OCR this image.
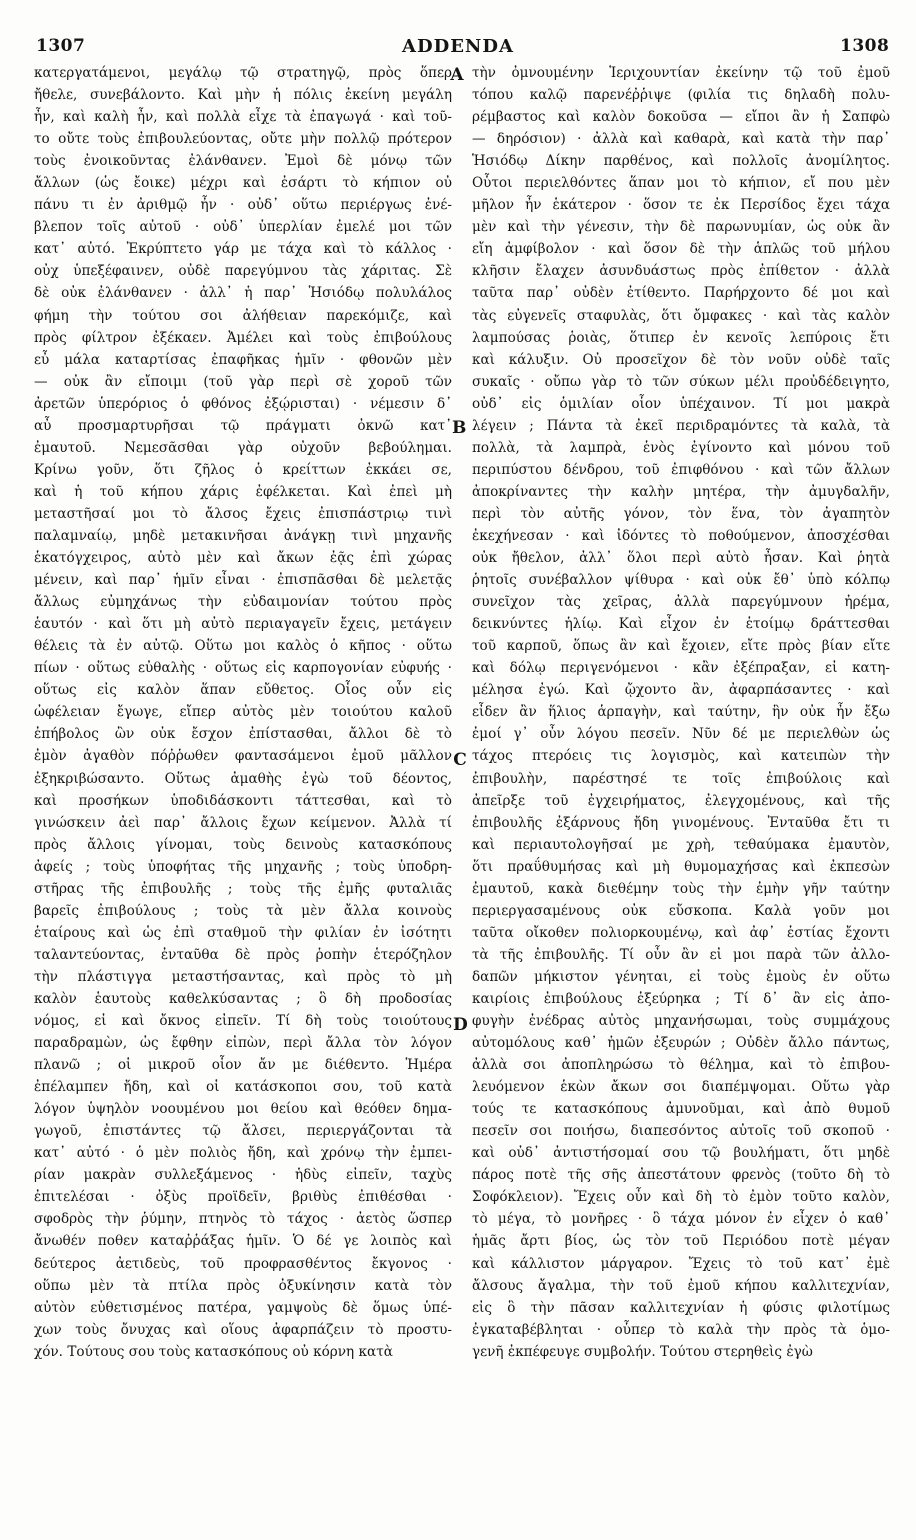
1307	ADDENDA	1308
κατεργατάμενοι, μεγάλῳ τῷ στρατηγῷ, πρὸς ὅπερ
ἤθελε, συνεβάλοντο. Καὶ μὴν ἡ πόλις ἐκείνη μεγάλη
ἦν, καὶ καλὴ ἦν, καὶ πολλὰ εἶχε τὰ ἐπαγωγά · καὶ τοῦ-
το οὔτε τοὺς ἐπιβουλεύοντας, οὔτε μὴν πολλῷ πρότερον
τοὺς ἐνοικοῦντας ἐλάνθανεν. Ἐμοὶ δὲ μόνῳ τῶν
ἄλλων (ὡς ἔοικε) μέχρι καὶ ἐσάρτι τὸ κήπιον οὐ
πάνυ τι ἐν ἀριθμῷ ἦν · οὐδ᾿ οὕτω περιέργως ἐνέ-
βλεπον τοῖς αὐτοῦ · οὐδ᾿ ὑπερλίαν ἐμελέ μοι τῶν
κατ᾿ αὐτό. Ἐκρύπτετο γάρ με τάχα καὶ τὸ κάλλος ·
οὐχ ὑπεξέφαινεν, οὐδὲ παρεγύμνου τὰς χάριτας. Σὲ
δὲ οὐκ ἐλάνθανεν · ἀλλ᾿ ἡ παρ᾿ Ἡσιόδῳ πολυλάλος
φήμη τὴν τούτου σοι ἀλήθειαν παρεκόμιζε, καὶ
πρὸς φίλτρον ἐξέκαεν. Ἀμέλει καὶ τοὺς ἐπιβούλους
εὖ μάλα καταρτίσας ἐπαφῆκας ἡμῖν · φθονῶν μὲν
— οὐκ ἂν εἴποιμι (τοῦ γὰρ περὶ σὲ χοροῦ τῶν
ἀρετῶν ὑπερόριος ὁ φθόνος ἐξῴρισται) · νέμεσιν δ᾿
αὖ προσμαρτυρῆσαι τῷ πράγματι ὀκνῶ κατ᾿
ἐμαυτοῦ. Νεμεσᾶσθαι γὰρ οὐχοῦν βεβούλημαι.
Κρίνω γοῦν, ὅτι ζῆλος ὁ κρείττων ἐκκάει σε,
καὶ ἡ τοῦ κήπου χάρις ἐφέλκεται. Καὶ ἐπεὶ μὴ
μεταστῆσαί μοι τὸ ἄλσος ἔχεις ἐπισπάστριῳ τινὶ
παλαμναίῳ, μηδὲ μετακινῆσαι ἀνάγκῃ τινὶ μηχανῆς
ἑκατόγχειρος, αὐτὸ μὲν καὶ ἄκων ἐᾷς ἐπὶ χώρας
μένειν, καὶ παρ᾿ ἡμῖν εἶναι · ἐπισπᾶσθαι δὲ μελετᾷς
ἄλλως εὐμηχάνως τὴν εὐδαιμονίαν τούτου πρὸς
ἑαυτόν · καὶ ὅτι μὴ αὐτὸ περιαγαγεῖν ἔχεις, μετάγειν
θέλεις τὰ ἐν αὐτῷ. Οὕτω μοι καλὸς ὁ κῆπος · οὕτω
πίων · οὕτως εὐθαλὴς · οὕτως εἰς καρπογονίαν εὐφυής ·
οὕτως εἰς καλὸν ἅπαν εὔθετος. Οἷος οὖν εἰς
ὠφέλειαν ἔγωγε, εἴπερ αὐτὸς μὲν τοιούτου καλοῦ
ἐπήβολος ὢν οὐκ ἔσχον ἐπίστασθαι, ἄλλοι δὲ τὸ
ἐμὸν ἀγαθὸν πόῤῥωθεν φαντασάμενοι ἐμοῦ μᾶλλον
ἐξηκριβώσαντο. Οὕτως ἀμαθὴς ἐγὼ τοῦ δέοντος,
καὶ προσήκων ὑποδιδάσκοντι τάττεσθαι, καὶ τὸ
γινώσκειν ἀεὶ παρ᾿ ἄλλοις ἔχων κείμενον. Ἀλλὰ τί
πρὸς ἄλλοις γίνομαι, τοὺς δεινοὺς κατασκόπους
ἀφείς ; τοὺς ὑποφήτας τῆς μηχανῆς ; τοὺς ὑποδρη-
στῆρας τῆς ἐπιβουλῆς ; τοὺς τῆς ἐμῆς φυταλιᾶς
βαρεῖς ἐπιβούλους ; τοὺς τὰ μὲν ἄλλα κοινοὺς
ἑταίρους καὶ ὡς ἐπὶ σταθμοῦ τὴν φιλίαν ἐν ἰσότητι
ταλαντεύοντας, ἐνταῦθα δὲ πρὸς ῥοπὴν ἑτερόζηλον
τὴν πλάστιγγα μεταστήσαντας, καὶ πρὸς τὸ μὴ
καλὸν ἑαυτοὺς καθελκύσαντας ; ὃ δὴ προδοσίας
νόμος, εἰ καὶ ὄκνος εἰπεῖν. Τί δὴ τοὺς τοιούτους
παραδραμὼν, ὡς ἔφθην εἰπὼν, περὶ ἄλλα τὸν λόγον
πλανῶ ; οἱ μικροῦ οἷον ἄν με διέθεντο. Ἡμέρα
ἐπέλαμπεν ἤδη, καὶ οἱ κατάσκοποι σου, τοῦ κατὰ
λόγον ὑψηλὸν νοουμένου μοι θείου καὶ θεόθεν δημα-
γωγοῦ, ἐπιστάντες τῷ ἄλσει, περιεργάζονται τὰ
κατ᾿ αὐτό · ὁ μὲν πολιὸς ἤδη, καὶ χρόνῳ τὴν ἐμπει-
ρίαν μακρὰν συλλεξάμενος · ἡδὺς εἰπεῖν, ταχὺς
ἐπιτελέσαι · ὀξὺς προϊδεῖν, βριθὺς ἐπιθέσθαι ·
σφοδρὸς τὴν ῥύμην, πτηνὸς τὸ τάχος · ἀετὸς ὥσπερ
ἄνωθέν ποθεν καταῤῥάξας ἡμῖν. Ὁ δέ γε λοιπὸς καὶ
δεύτερος ἀετιδεὺς, τοῦ προφρασθέντος ἔκγονος ·
οὕπω μὲν τὰ πτίλα πρὸς ὀξυκίνησιν κατὰ τὸν
αὐτὸν εὐθετισμένος πατέρα, γαμψοὺς δὲ ὅμως ὑπέ-
χων τοὺς ὄνυχας καὶ οἵους ἁφαρπάζειν τὸ προστυ-
χόν. Τούτους σου τοὺς κατασκόπους οὐ κόρνη κατὰ
τὴν ὀμνουμένην Ἱεριχουντίαν ἐκείνην τῷ τοῦ ἐμοῦ
τόπου καλῷ παρενέῤῥιψε (φιλία τις δηλαδὴ πολυ-
ρέμβαστος καὶ καλὸν δοκοῦσα — εἴποι ἂν ἡ Σαπφὼ
— δηρόσιον) · ἀλλὰ καὶ καθαρὰ, καὶ κατὰ τὴν παρ᾿
Ἡσιόδῳ Δίκην παρθένος, καὶ πολλοῖς ἀνομίλητος.
Οὗτοι περιελθόντες ἅπαν μοι τὸ κήπιον, εἴ που μὲν
μῆλον ἦν ἑκάτερον · ὅσον τε ἐκ Περσίδος ἔχει τάχα
μὲν καὶ τὴν γένεσιν, τὴν δὲ παρωνυμίαν, ὡς οὐκ ἂν
εἴη ἀμφίβολον · καὶ ὅσον δὲ τὴν ἁπλῶς τοῦ μήλου
κλῆσιν ἔλαχεν ἀσυνδυάστως πρὸς ἐπίθετον · ἀλλὰ
ταῦτα παρ᾿ οὐδὲν ἐτίθεντο. Παρήρχοντο δέ μοι καὶ
τὰς εὐγενεῖς σταφυλὰς, ὅτι ὄμφακες · καὶ τὰς καλὸν
λαμπούσας ῥοιὰς, ὅτιπερ ἐν κενοῖς λεπύροις ἔτι
καὶ κάλυξιν. Οὐ προσεῖχον δὲ τὸν νοῦν οὐδὲ ταῖς
συκαῖς · οὔπω γὰρ τὸ τῶν σύκων μέλι προὐδέδειγητο,
οὐδ᾿ εἰς ὁμιλίαν οἷον ὑπέχαινον. Τί μοι μακρὰ
λέγειν ; Πάντα τὰ ἐκεῖ περιδραμόντες τὰ καλὰ, τὰ
πολλὰ, τὰ λαμπρὰ, ἑνὸς ἐγίνοντο καὶ μόνου τοῦ
περιπύστου δένδρου, τοῦ ἐπιφθόνου · καὶ τῶν ἄλλων
ἀποκρίναντες τὴν καλὴν μητέρα, τὴν ἀμυγδαλῆν,
περὶ τὸν αὐτῆς γόνον, τὸν ἕνα, τὸν ἀγαπητὸν
ἐκεχήνεσαν · καὶ ἰδόντες τὸ ποθούμενον, ἀποσχέσθαι
οὐκ ἤθελον, ἀλλ᾿ ὅλοι περὶ αὐτὸ ἦσαν. Καὶ ῥητὰ
ῥητοῖς συνέβαλλον ψίθυρα · καὶ οὐκ ἔθ᾿ ὑπὸ κόλπῳ
συνεῖχον τὰς χεῖρας, ἀλλὰ παρεγύμνουν ἠρέμα,
δεικνύντες ἡλίῳ. Καὶ εἶχον ἐν ἑτοίμῳ δράττεσθαι
τοῦ καρποῦ, ὅπως ἂν καὶ ἔχοιεν, εἴτε πρὸς βίαν εἴτε
καὶ δόλῳ περιγενόμενοι · κἂν ἐξέπραξαν, εἰ κατη-
μέλησα ἐγώ. Καὶ ᾤχοντο ἂν, ἀφαρπάσαντες · καὶ
εἶδεν ἂν ἥλιος ἁρπαγὴν, καὶ ταύτην, ἣν οὐκ ἦν ἔξω
ἐμοί γ᾿ οὖν λόγου πεσεῖν. Νῦν δέ με περιελθὼν ὡς
τάχος πτερόεις τις λογισμὸς, καὶ κατειπὼν τὴν
ἐπιβουλὴν, παρέστησέ τε τοῖς ἐπιβούλοις καὶ
ἀπεῖρξε τοῦ ἐγχειρήματος, ἐλεγχομένους, καὶ τῆς
ἐπιβουλῆς ἐξάρνους ἤδη γινομένους. Ἐνταῦθα ἔτι τι
καὶ περιαυτολογῆσαί με χρὴ, τεθαύμακα ἐμαυτὸν,
ὅτι πραΰθυμήσας καὶ μὴ θυμομαχήσας καὶ ἐκπεσὼν
ἐμαυτοῦ, κακὰ διεθέμην τοὺς τὴν ἐμὴν γῆν ταύτην
περιεργασαμένους οὐκ εὔσκοπα. Καλὰ γοῦν μοι
ταῦτα οἴκοθεν πολιορκουμένῳ, καὶ ἀφ᾿ ἑστίας ἔχοντι
τὰ τῆς ἐπιβουλῆς. Τί οὖν ἂν εἰ μοι παρὰ τῶν ἀλλο-
δαπῶν μήκιστον γένηται, εἰ τοὺς ἐμοὺς ἐν οὕτω
καιρίοις ἐπιβούλους ἐξεύρηκα ; Τί δ᾿ ἂν εἰς ἀπο-
φυγὴν ἐνέδρας αὐτὸς μηχανήσωμαι, τοὺς συμμάχους
αὐτομόλους καθ᾿ ἡμῶν ἐξευρών ; Οὐδὲν ἄλλο πάντως,
ἀλλὰ σοι ἀποπληρώσω τὸ θέλημα, καὶ τὸ ἐπιβου-
λευόμενον ἑκὼν ἄκων σοι διαπέμψομαι. Οὕτω γὰρ
τούς τε κατασκόπους ἀμυνοῦμαι, καὶ ἀπὸ θυμοῦ
πεσεῖν σοι ποιήσω, διαπεσόντος αὐτοῖς τοῦ σκοποῦ ·
καὶ οὐδ᾿ ἀντιστήσομαί σου τῷ βουλήματι, ὅτι μηδὲ
πάρος ποτὲ τῆς σῆς ἀπεστάτουν φρενὸς (τοῦτο δὴ τὸ
Σοφόκλειον). Ἔχεις οὖν καὶ δὴ τὸ ἐμὸν τοῦτο καλὸν,
τὸ μέγα, τὸ μονῆρες · ὃ τάχα μόνον ἐν εἶχεν ὁ καθ᾿
ἡμᾶς ἄρτι βίος, ὡς τὸν τοῦ Περιόδου ποτὲ μέγαν
καὶ κάλλιστον μάργαρον. Ἔχεις τὸ τοῦ κατ᾿ ἐμὲ
ἄλσους ἄγαλμα, τὴν τοῦ ἐμοῦ κήπου καλλιτεχνίαν,
εἰς ὃ τὴν πᾶσαν καλλιτεχνίαν ἡ φύσις φιλοτίμως
ἐγκαταβέβληται · οὗπερ τὸ καλὰ τὴν πρὸς τὰ ὁμο-
γενῆ ἐκπέφευγε συμβολήν. Τούτου στερηθεὶς ἐγὼ
A
B
C
D
